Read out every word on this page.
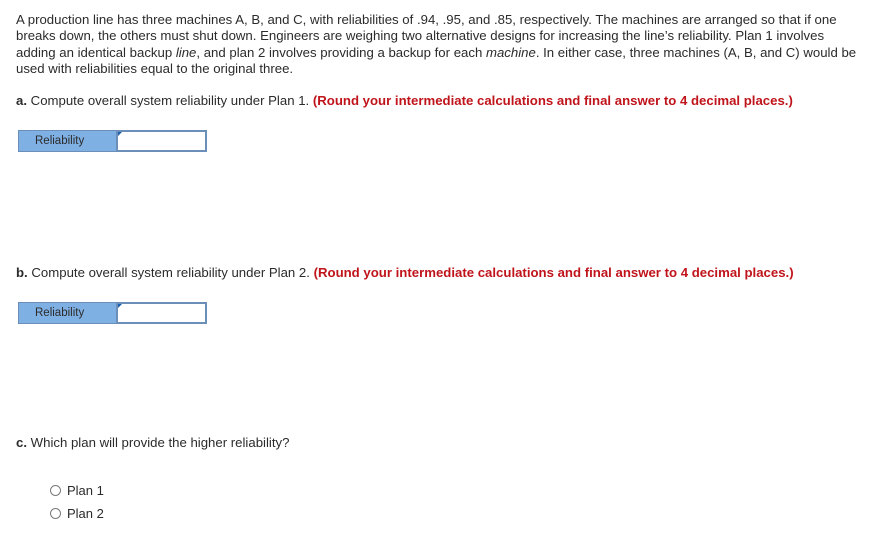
A production line has three machines A, B, and C, with reliabilities of .94, .95, and .85, respectively. The machines are arranged so that if one breaks down, the others must shut down. Engineers are weighing two alternative designs for increasing the line’s reliability. Plan 1 involves adding an identical backup line, and plan 2 involves providing a backup for each machine. In either case, three machines (A, B, and C) would be used with reliabilities equal to the original three.

a. Compute overall system reliability under Plan 1. (Round your intermediate calculations and final answer to 4 decimal places.)

Reliability

b. Compute overall system reliability under Plan 2. (Round your intermediate calculations and final answer to 4 decimal places.)

Reliability

c. Which plan will provide the higher reliability?

Plan 1
Plan 2
